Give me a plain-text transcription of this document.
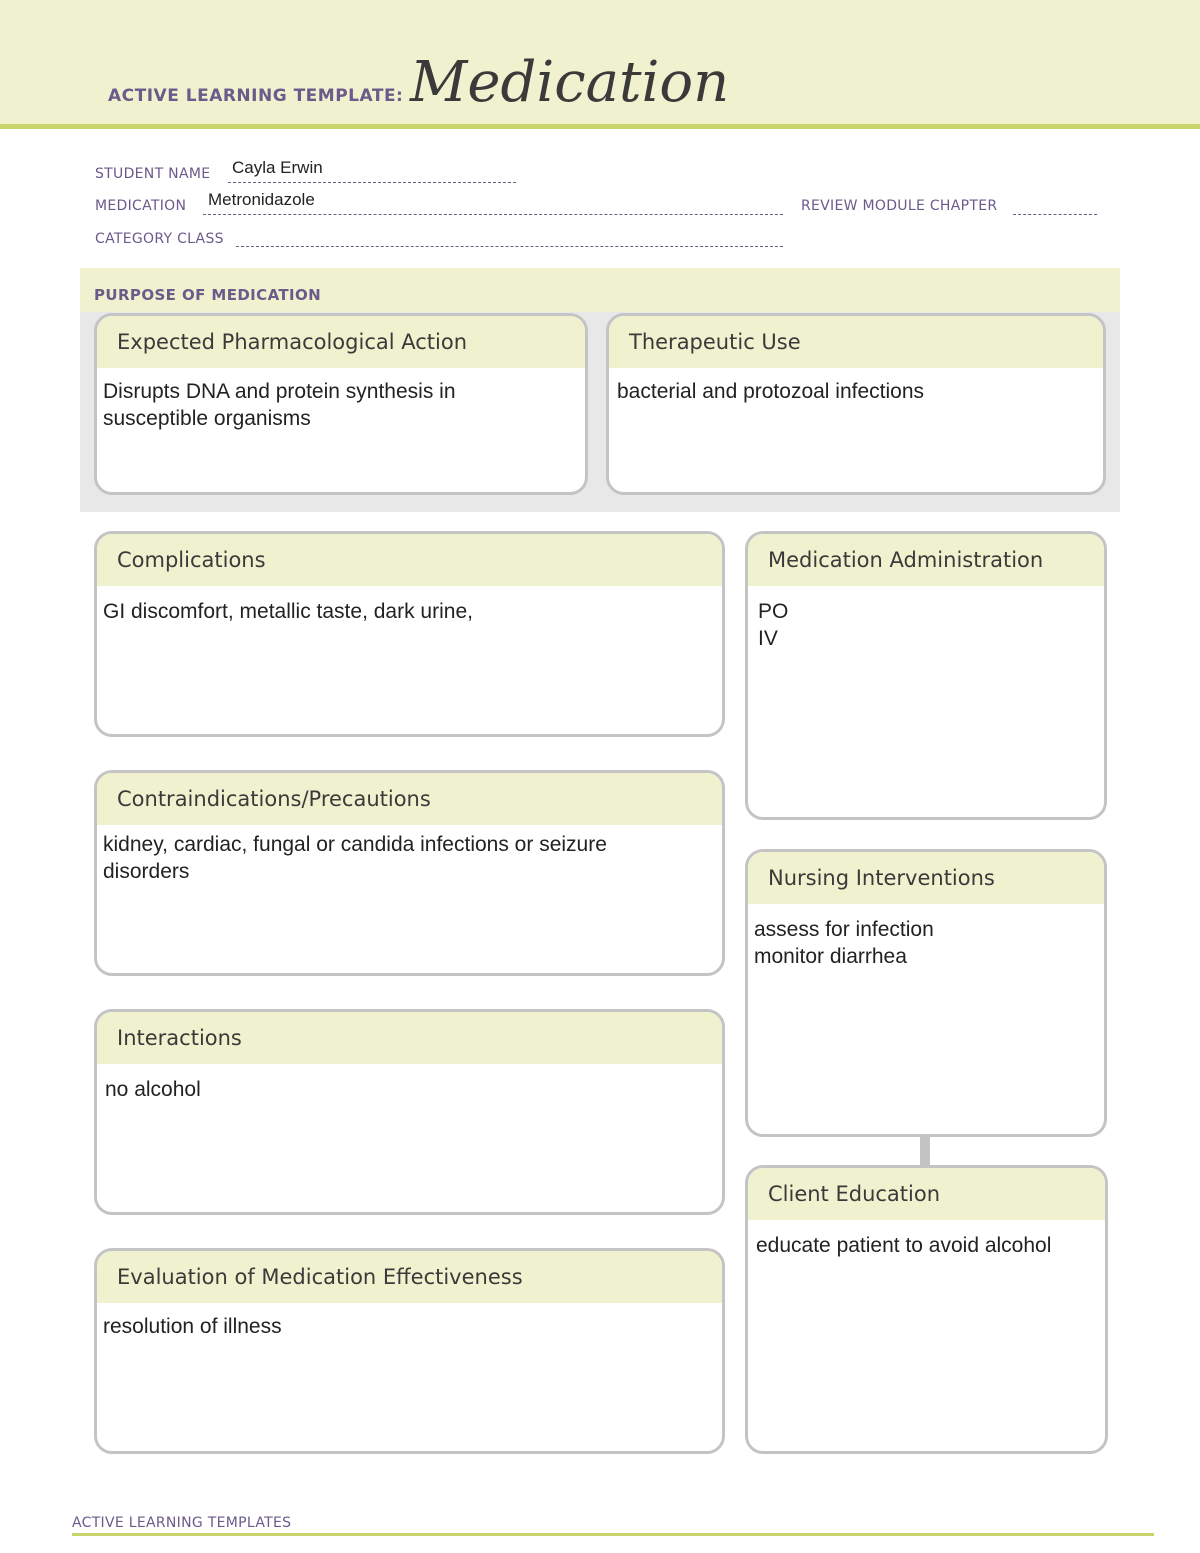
ACTIVE LEARNING TEMPLATE: Medication
STUDENT NAME Cayla Erwin
MEDICATION Metronidazole	REVIEW MODULE CHAPTER
CATEGORY CLASS
PURPOSE OF MEDICATION
Expected Pharmacological Action
Disrupts DNA and protein synthesis in
susceptible organisms
Therapeutic Use
bacterial and protozoal infections
Complications
GI discomfort, metallic taste, dark urine,
Contraindications/Precautions
kidney, cardiac, fungal or candida infections or seizure
disorders
Interactions
no alcohol
Evaluation of Medication Effectiveness
resolution of illness
Medication Administration
PO
IV
Nursing Interventions
assess for infection
monitor diarrhea
Client Education
educate patient to avoid alcohol
ACTIVE LEARNING TEMPLATES
